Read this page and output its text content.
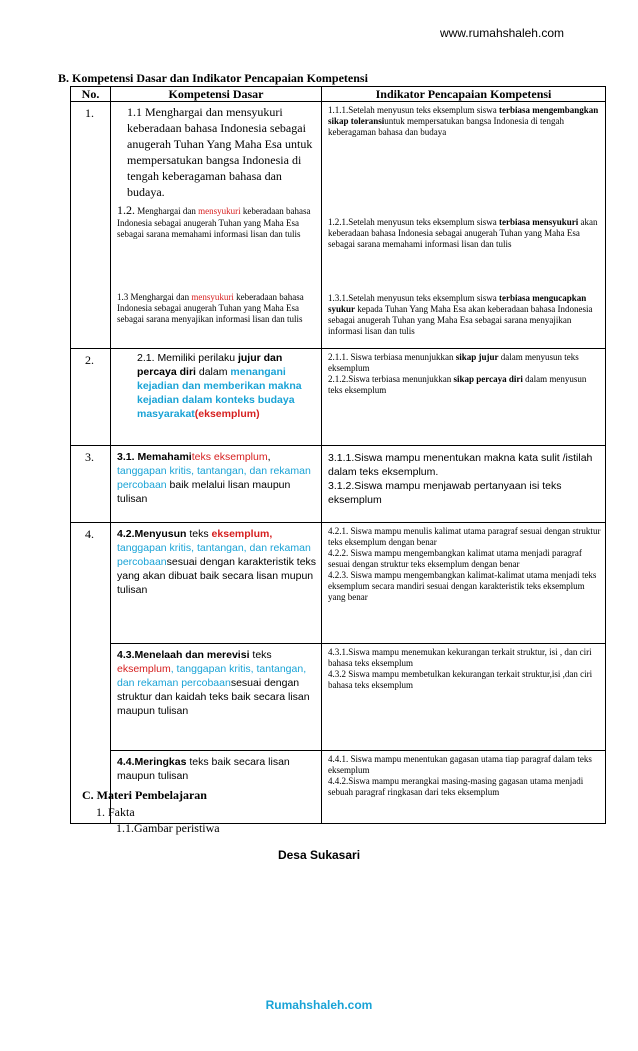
www.rumahshaleh.com
B. Kompetensi Dasar dan Indikator Pencapaian Kompetensi
No.	Kompetensi Dasar	Indikator Pencapaian Kompetensi
1.	1.1 Menghargai dan mensyukuri keberadaan bahasa Indonesia sebagai anugerah Tuhan Yang Maha Esa untuk mempersatukan bangsa Indonesia di tengah keberagaman bahasa dan budaya.	1.1.1.Setelah menyusun teks eksemplum siswa terbiasa mengembangkan sikap toleransiuntuk mempersatukan bangsa Indonesia di tengah keberagaman bahasa dan budaya

	1.2. Menghargai dan mensyukuri keberadaan bahasa Indonesia sebagai anugerah Tuhan yang Maha Esa sebagai sarana memahami informasi lisan dan tulis	1.2.1.Setelah menyusun teks eksemplum siswa terbiasa mensyukuri akan keberadaan bahasa Indonesia sebagai anugerah Tuhan yang Maha Esa sebagai sarana memahami informasi lisan dan tulis

	1.3 Menghargai dan mensyukuri keberadaan bahasa Indonesia sebagai anugerah Tuhan yang Maha Esa sebagai sarana menyajikan informasi lisan dan tulis	1.3.1.Setelah menyusun teks eksemplum siswa terbiasa mengucapkan syukur kepada Tuhan Yang Maha Esa akan keberadaan bahasa Indonesia sebagai anugerah Tuhan yang Maha Esa sebagai sarana menyajikan informasi lisan dan tulis

2.	2.1. Memiliki perilaku jujur dan percaya diri dalam menangani kejadian dan memberikan makna kejadian dalam konteks budaya masyarakat(eksemplum)	2.1.1. Siswa terbiasa menunjukkan sikap jujur dalam menyusun teks eksemplum
2.1.2.Siswa terbiasa menunjukkan sikap percaya diri dalam menyusun teks eksemplum

3.	3.1. Memahamiteks eksemplum, tanggapan kritis, tantangan, dan rekaman percobaan baik melalui lisan maupun tulisan	3.1.1.Siswa mampu menentukan makna kata sulit /istilah dalam teks eksemplum.
3.1.2.Siswa mampu menjawab pertanyaan isi teks eksemplum

4.	4.2.Menyusun teks eksemplum, tanggapan kritis, tantangan, dan rekaman percobaansesuai dengan karakteristik teks yang akan dibuat baik secara lisan mupun tulisan	4.2.1. Siswa mampu menulis kalimat utama paragraf sesuai dengan struktur teks eksemplum dengan benar
4.2.2. Siswa mampu mengembangkan kalimat utama menjadi paragraf sesuai dengan struktur teks eksemplum dengan benar
4.2.3. Siswa mampu mengembangkan kalimat-kalimat utama menjadi teks eksemplum secara mandiri sesuai dengan karakteristik teks eksemplum yang benar

	4.3.Menelaah dan merevisi teks eksemplum, tanggapan kritis, tantangan, dan rekaman percobaansesuai dengan struktur dan kaidah teks baik secara lisan maupun tulisan	4.3.1.Siswa mampu menemukan kekurangan terkait struktur, isi , dan ciri bahasa teks eksemplum
4.3.2 Siswa mampu membetulkan kekurangan terkait struktur,isi ,dan ciri bahasa teks eksemplum

	4.4.Meringkas teks baik secara lisan maupun tulisan	4.4.1. Siswa mampu menentukan gagasan utama tiap paragraf dalam teks eksemplum
4.4.2.Siswa mampu merangkai masing-masing gagasan utama menjadi sebuah paragraf ringkasan dari teks eksemplum
C. Materi Pembelajaran
1. Fakta
1.1.Gambar peristiwa
Desa Sukasari
Rumahshaleh.com
